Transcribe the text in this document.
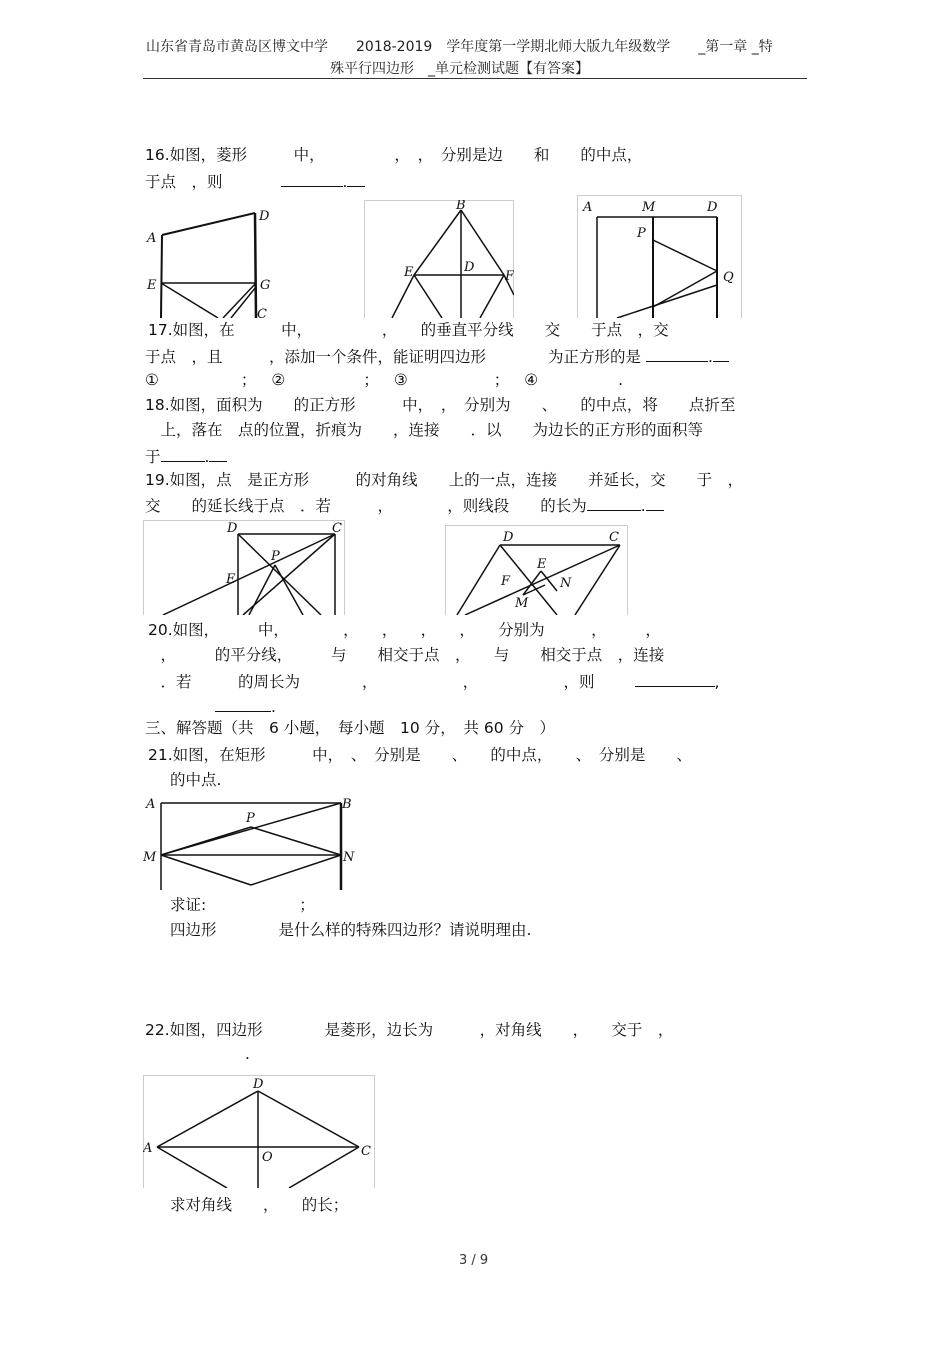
山东省青岛市黄岛区博文中学　　2018-2019　学年度第一学期北师大版九年级数学　　_第一章 _特
殊平行四边形　_单元检测试题【有答案】
16.如图，菱形　　　中，　　　　　，　，　分别是边　　和　　的中点，
于点　，则	.
A
D
E	G
C
B
D
E	F
A	M	D
P
Q
17.如图，在　　　中，　　　　　，　　的垂直平分线　　交　　于点　，交
于点　，且　　　，添加一个条件，能证明四边形　　　　为正方形的是	.
①	； ②	； ③	； ④	.
18.如图，面积为　　的正方形　　　中，　，　分别为　　、　　的中点，将　　点折至
　上，落在　点的位置，折痕为　　，连接　　．以　　为边长的正方形的面积等
于	.
19.如图，点　是正方形　　　的对角线　　上的一点，连接　　并延长，交　　于　，
交　　的延长线于点　．若　　　，　　　　，则线段　　的长为	.
D	C
P
E
D	C
E
F	N
M
20.如图，　　　中，　　　　，　　，　　，　　，　　分别为　　　，　　　，
　，　　　的平分线，　　　与　　相交于点　，　　与　　相交于点　，连接
　．若　　　的周长为　　　　，　　　　　　，　　　　　　，则	,
.
三、解答题（共　6 小题，　每小题　10 分，　共 60 分　）
21.如图，在矩形　　　中，　、　分别是　　、　　的中点，　　、　分别是　　、
的中点.
A	B
P
M	N
求证:　　　　　　；
四边形　　　　是什么样的特殊四边形？请说明理由.
22.如图，四边形　　　　是菱形，边长为　　　，对角线　　，　　交于　，
.
D
A	C
O
求对角线　　，　　的长；
3 / 9
